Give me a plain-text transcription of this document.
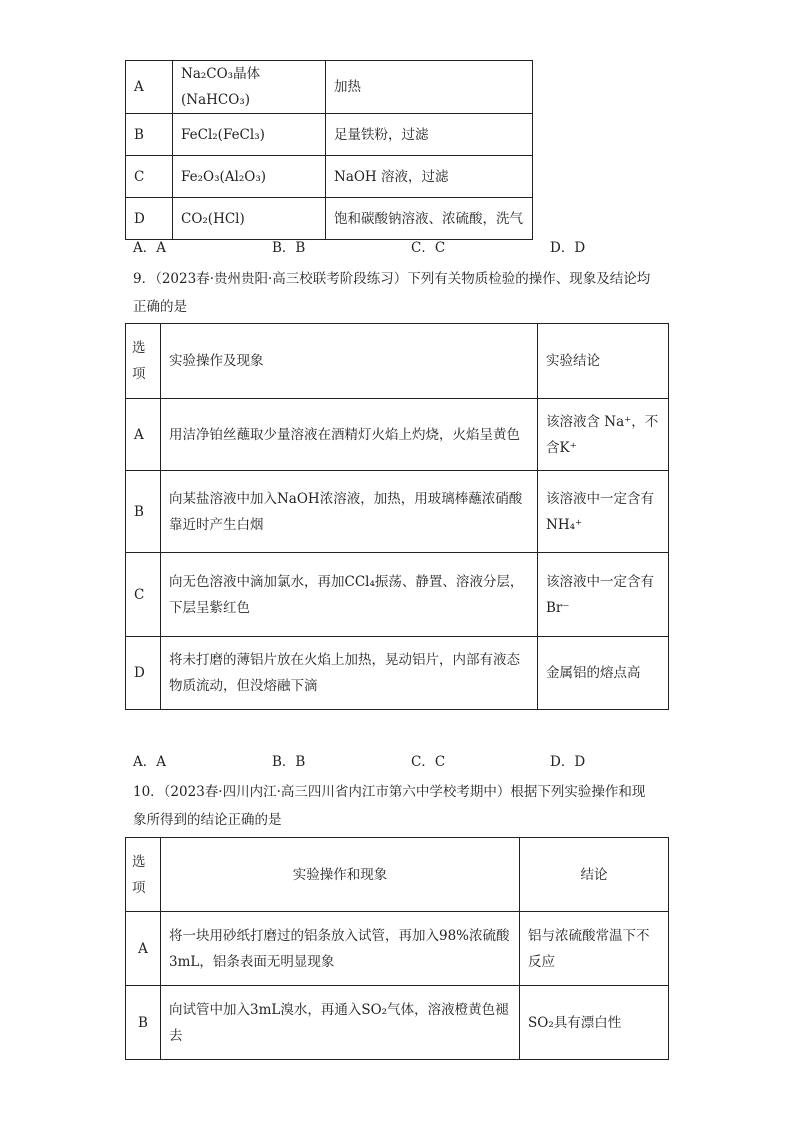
A	Na₂CO₃晶体(NaHCO₃)	加热
B	FeCl₂(FeCl₃)	足量铁粉，过滤
C	Fe₂O₃(Al₂O₃)	NaOH 溶液，过滤
D	CO₂(HCl)	饱和碳酸钠溶液、浓硫酸，洗气
A．A	B．B	C．C	D．D
9．（2023春·贵州贵阳·高三校联考阶段练习）下列有关物质检验的操作、现象及结论均
正确的是
选项	实验操作及现象	实验结论
A	用洁净铂丝蘸取少量溶液在酒精灯火焰上灼烧，火焰呈黄色	该溶液含 Na⁺，不含K⁺
B	向某盐溶液中加入NaOH浓溶液，加热，用玻璃棒蘸浓硝酸靠近时产生白烟	该溶液中一定含有NH₄⁺
C	向无色溶液中滴加氯水，再加CCl₄振荡、静置、溶液分层，下层呈紫红色	该溶液中一定含有Br⁻
D	将未打磨的薄铝片放在火焰上加热，晃动铝片，内部有液态物质流动，但没熔融下滴	金属铝的熔点高
A．A	B．B	C．C	D．D
10．（2023春·四川内江·高三四川省内江市第六中学校考期中）根据下列实验操作和现
象所得到的结论正确的是
选项	实验操作和现象	结论
A	将一块用砂纸打磨过的铝条放入试管，再加入98%浓硫酸3mL，铝条表面无明显现象	铝与浓硫酸常温下不反应
B	向试管中加入3mL溴水，再通入SO₂气体，溶液橙黄色褪去	SO₂具有漂白性
